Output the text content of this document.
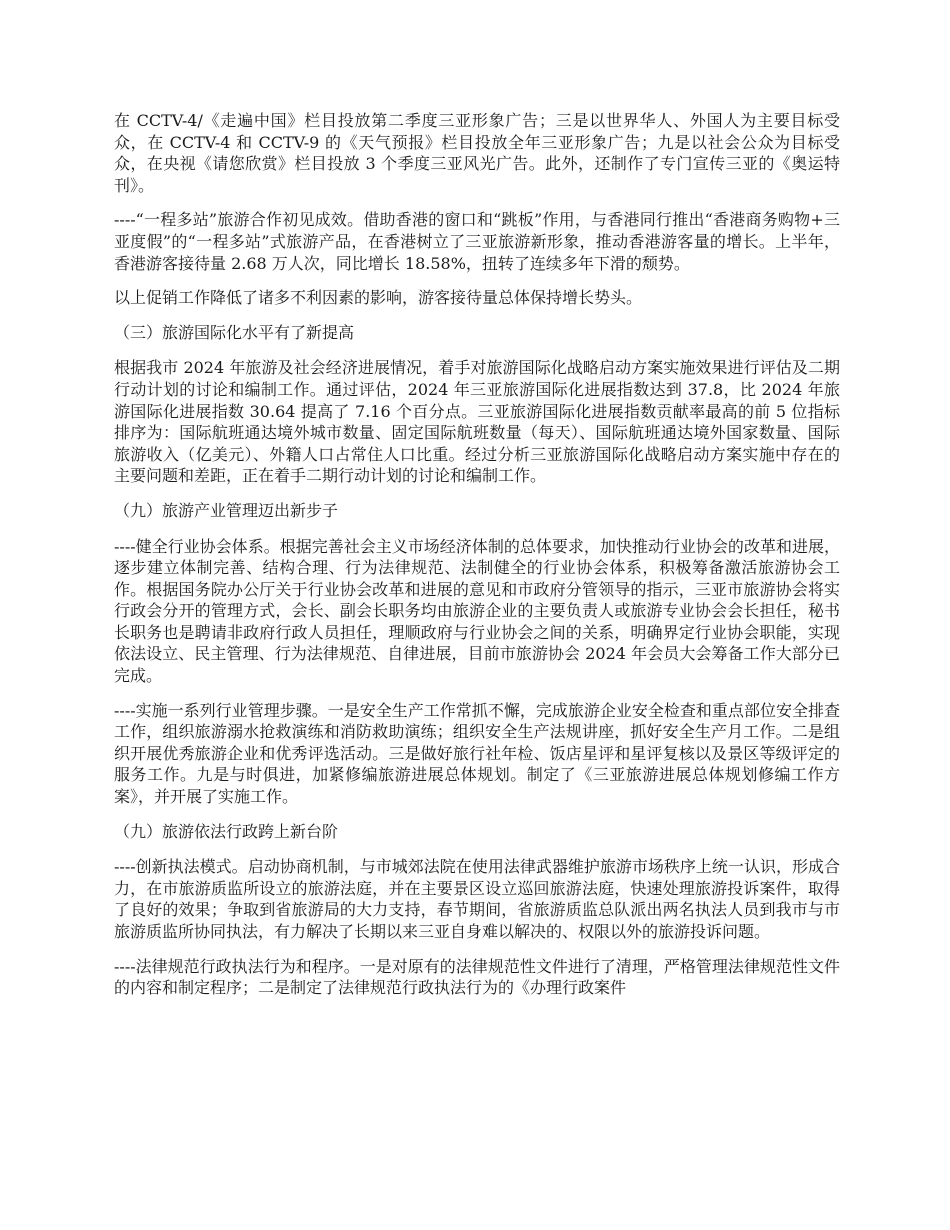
在 CCTV-4/《走遍中国》栏目投放第二季度三亚形象广告；三是以世界华人、外国人为主要目标受众，在 CCTV-4 和 CCTV-9 的《天气预报》栏目投放全年三亚形象广告；九是以社会公众为目标受众，在央视《请您欣赏》栏目投放 3 个季度三亚风光广告。此外，还制作了专门宣传三亚的《奥运特刊》。

----“一程多站”旅游合作初见成效。借助香港的窗口和“跳板”作用，与香港同行推出“香港商务购物+三亚度假”的“一程多站”式旅游产品，在香港树立了三亚旅游新形象，推动香港游客量的增长。上半年，香港游客接待量 2.68 万人次，同比增长 18.58%，扭转了连续多年下滑的颓势。

以上促销工作降低了诸多不利因素的影响，游客接待量总体保持增长势头。

（三）旅游国际化水平有了新提高

根据我市 2024 年旅游及社会经济进展情况，着手对旅游国际化战略启动方案实施效果进行评估及二期行动计划的讨论和编制工作。通过评估，2024 年三亚旅游国际化进展指数达到 37.8，比 2024 年旅游国际化进展指数 30.64 提高了 7.16 个百分点。三亚旅游国际化进展指数贡献率最高的前 5 位指标排序为：国际航班通达境外城市数量、固定国际航班数量（每天）、国际航班通达境外国家数量、国际旅游收入（亿美元）、外籍人口占常住人口比重。经过分析三亚旅游国际化战略启动方案实施中存在的主要问题和差距，正在着手二期行动计划的讨论和编制工作。

（九）旅游产业管理迈出新步子

----健全行业协会体系。根据完善社会主义市场经济体制的总体要求，加快推动行业协会的改革和进展，逐步建立体制完善、结构合理、行为法律规范、法制健全的行业协会体系，积极筹备激活旅游协会工作。根据国务院办公厅关于行业协会改革和进展的意见和市政府分管领导的指示，三亚市旅游协会将实行政会分开的管理方式，会长、副会长职务均由旅游企业的主要负责人或旅游专业协会会长担任，秘书长职务也是聘请非政府行政人员担任，理顺政府与行业协会之间的关系，明确界定行业协会职能，实现依法设立、民主管理、行为法律规范、自律进展，目前市旅游协会 2024 年会员大会筹备工作大部分已完成。

----实施一系列行业管理步骤。一是安全生产工作常抓不懈，完成旅游企业安全检查和重点部位安全排查工作，组织旅游溺水抢救演练和消防救助演练；组织安全生产法规讲座，抓好安全生产月工作。二是组织开展优秀旅游企业和优秀评选活动。三是做好旅行社年检、饭店星评和星评复核以及景区等级评定的服务工作。九是与时俱进，加紧修编旅游进展总体规划。制定了《三亚旅游进展总体规划修编工作方案》，并开展了实施工作。

（九）旅游依法行政跨上新台阶

----创新执法模式。启动协商机制，与市城郊法院在使用法律武器维护旅游市场秩序上统一认识，形成合力，在市旅游质监所设立的旅游法庭，并在主要景区设立巡回旅游法庭，快速处理旅游投诉案件，取得了良好的效果；争取到省旅游局的大力支持，春节期间，省旅游质监总队派出两名执法人员到我市与市旅游质监所协同执法，有力解决了长期以来三亚自身难以解决的、权限以外的旅游投诉问题。

----法律规范行政执法行为和程序。一是对原有的法律规范性文件进行了清理，严格管理法律规范性文件的内容和制定程序；二是制定了法律规范行政执法行为的《办理行政案件
